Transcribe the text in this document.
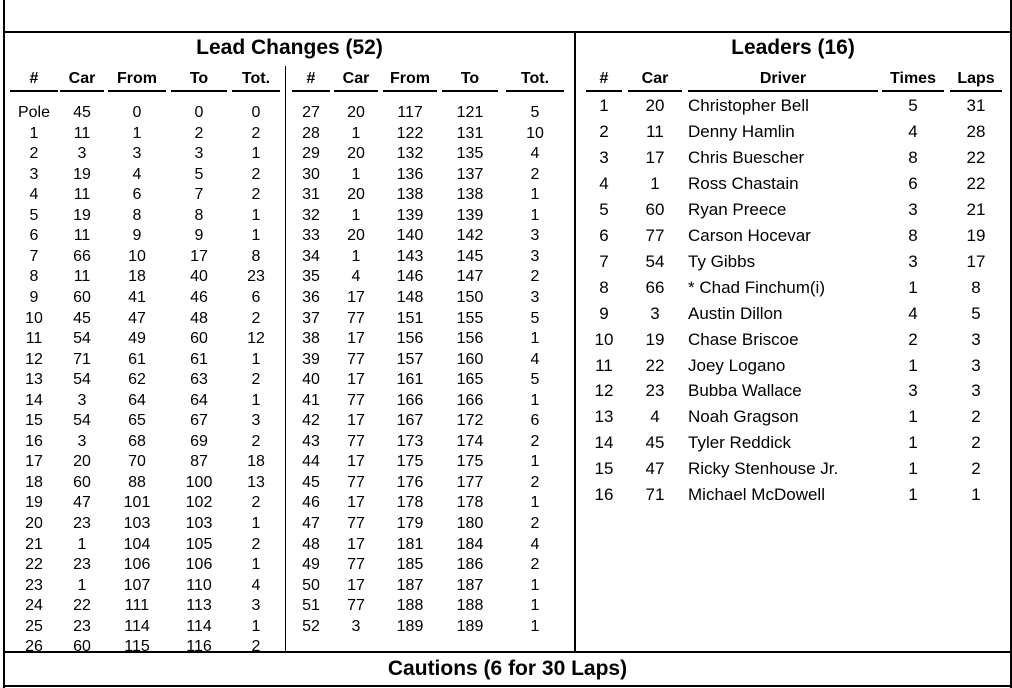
Lead Changes (52)	Leaders (16)
Cautions (6 for 30 Laps)
#	Car	From	To	Tot.	#	Car	From	To	Tot.
Pole	45	0	0	0
1	11	1	2	2
2	3	3	3	1
3	19	4	5	2
4	11	6	7	2
5	19	8	8	1
6	11	9	9	1
7	66	10	17	8
8	11	18	40	23
9	60	41	46	6
10	45	47	48	2
11	54	49	60	12
12	71	61	61	1
13	54	62	63	2
14	3	64	64	1
15	54	65	67	3
16	3	68	69	2
17	20	70	87	18
18	60	88	100	13
19	47	101	102	2
20	23	103	103	1
21	1	104	105	2
22	23	106	106	1
23	1	107	110	4
24	22	111	113	3
25	23	114	114	1
26	60	115	116	2
27	20	117	121	5
28	1	122	131	10
29	20	132	135	4
30	1	136	137	2
31	20	138	138	1
32	1	139	139	1
33	20	140	142	3
34	1	143	145	3
35	4	146	147	2
36	17	148	150	3
37	77	151	155	5
38	17	156	156	1
39	77	157	160	4
40	17	161	165	5
41	77	166	166	1
42	17	167	172	6
43	77	173	174	2
44	17	175	175	1
45	77	176	177	2
46	17	178	178	1
47	77	179	180	2
48	17	181	184	4
49	77	185	186	2
50	17	187	187	1
51	77	188	188	1
52	3	189	189	1
#	Car	Driver	Times	Laps
1	20	Christopher Bell	5	31
2	11	Denny Hamlin	4	28
3	17	Chris Buescher	8	22
4	1	Ross Chastain	6	22
5	60	Ryan Preece	3	21
6	77	Carson Hocevar	8	19
7	54	Ty Gibbs	3	17
8	66	* Chad Finchum(i)	1	8
9	3	Austin Dillon	4	5
10	19	Chase Briscoe	2	3
11	22	Joey Logano	1	3
12	23	Bubba Wallace	3	3
13	4	Noah Gragson	1	2
14	45	Tyler Reddick	1	2
15	47	Ricky Stenhouse Jr.	1	2
16	71	Michael McDowell	1	1
